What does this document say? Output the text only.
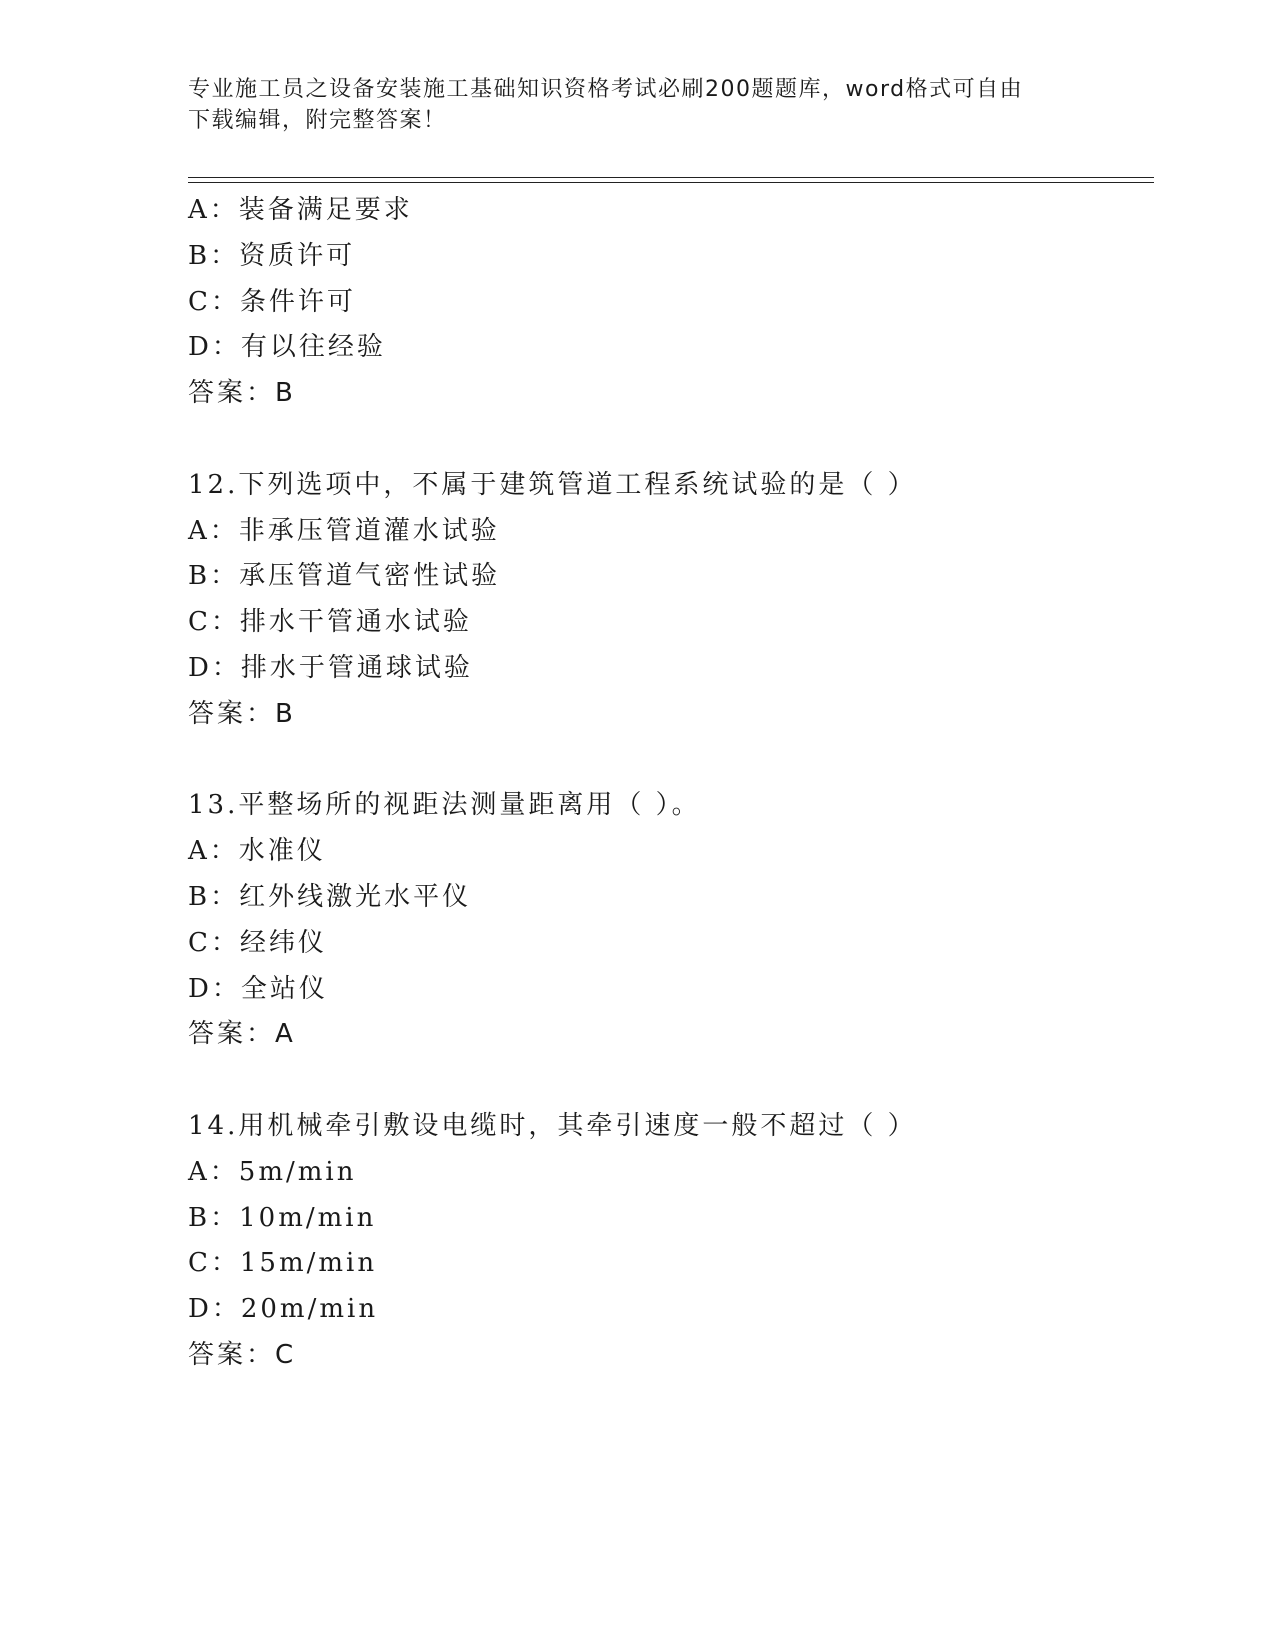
专业施工员之设备安装施工基础知识资格考试必刷200题题库，word格式可自由
下载编辑，附完整答案！
A：装备满足要求
B：资质许可
C：条件许可
D：有以往经验
答案：B
12.下列选项中，不属于建筑管道工程系统试验的是（ ）
A：非承压管道灌水试验
B：承压管道气密性试验
C：排水干管通水试验
D：排水于管通球试验
答案：B
13.平整场所的视距法测量距离用（ ）。
A：水准仪
B：红外线激光水平仪
C：经纬仪
D：全站仪
答案：A
14.用机械牵引敷设电缆时，其牵引速度一般不超过（ ）
A：5m/min
B：10m/min
C：15m/min
D：20m/min
答案：C
